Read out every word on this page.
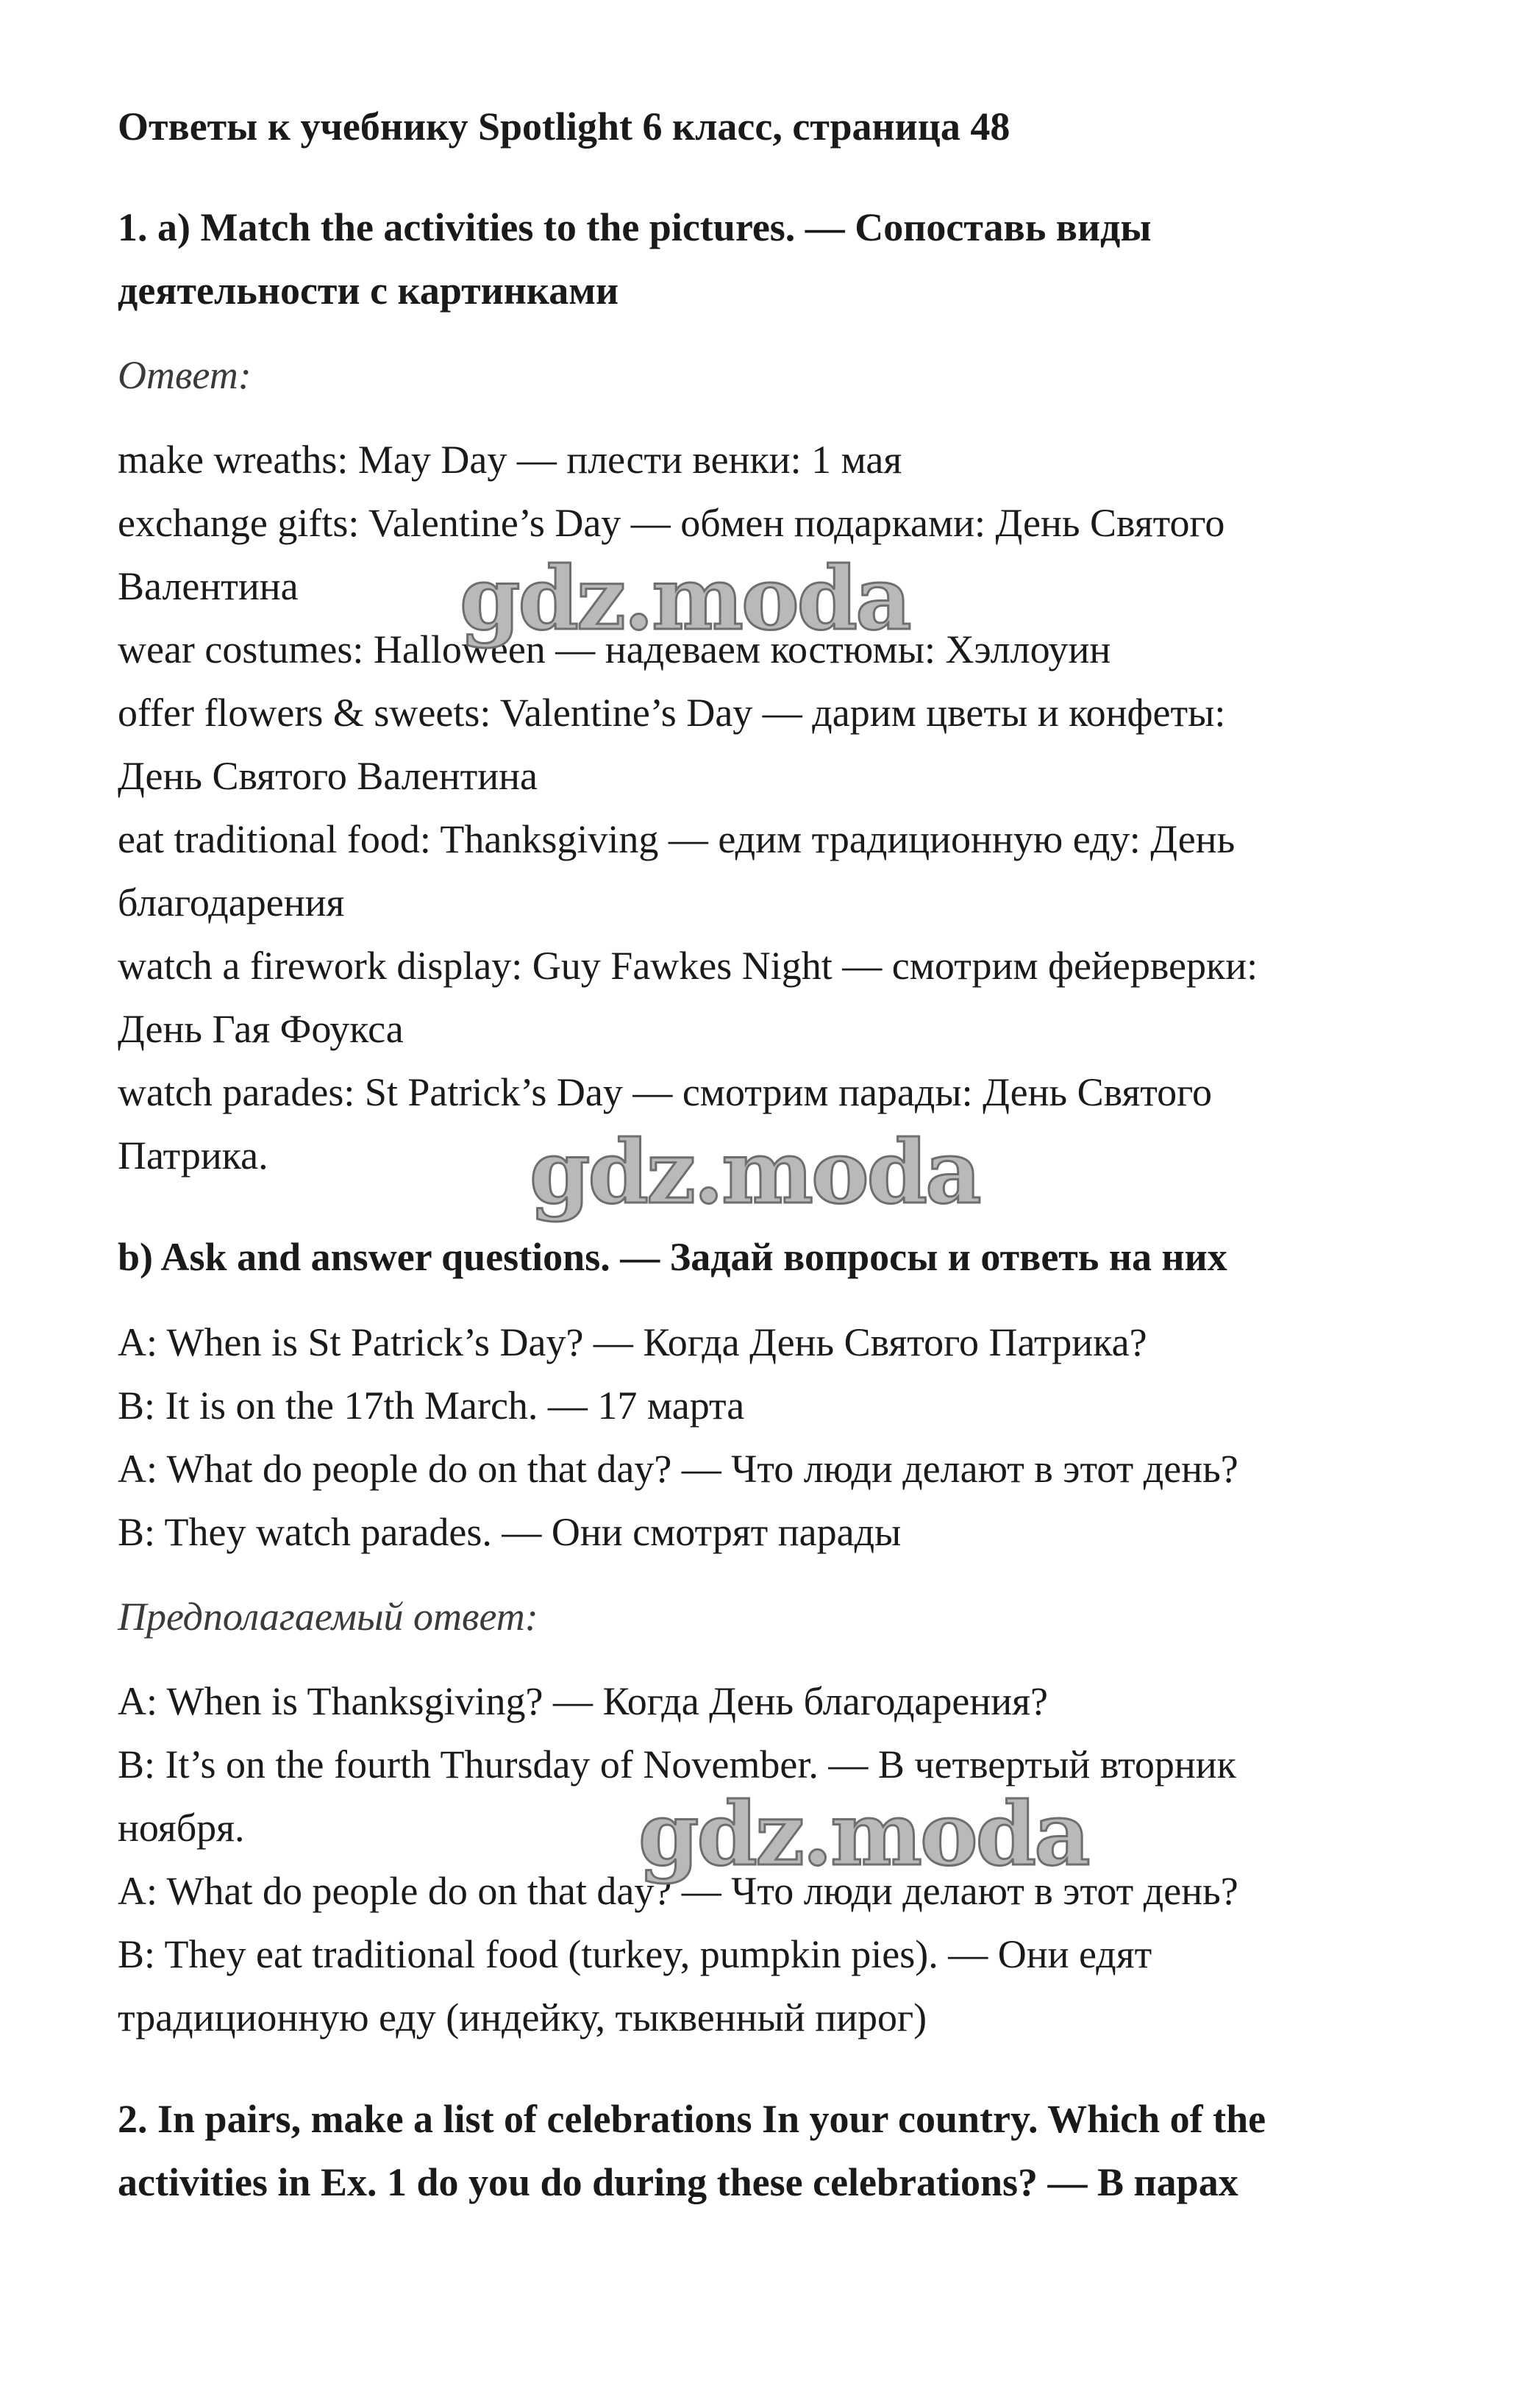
Ответы к учебнику Spotlight 6 класс, страница 48
1. a) Match the activities to the pictures. — Сопоставь виды
деятельности с картинками
Ответ:
make wreaths: May Day — плести венки: 1 мая
exchange gifts: Valentine’s Day — обмен подарками: День Святого
Валентина
wear costumes: Halloween — надеваем костюмы: Хэллоуин
offer flowers & sweets: Valentine’s Day — дарим цветы и конфеты:
День Святого Валентина
eat traditional food: Thanksgiving — едим традиционную еду: День
благодарения
watch a firework display: Guy Fawkes Night — смотрим фейерверки:
День Гая Фоукса
watch parades: St Patrick’s Day — смотрим парады: День Святого
Патрика.
b) Ask and answer questions. — Задай вопросы и ответь на них
A: When is St Patrick’s Day? — Когда День Святого Патрика?
B: It is on the 17th March. — 17 марта
A: What do people do on that day? — Что люди делают в этот день?
B: They watch parades. — Они смотрят парады
Предполагаемый ответ:
A: When is Thanksgiving? — Когда День благодарения?
B: It’s on the fourth Thursday of November. — В четвертый вторник
ноября.
A: What do people do on that day? — Что люди делают в этот день?
B: They eat traditional food (turkey, pumpkin pies). — Они едят
традиционную еду (индейку, тыквенный пирог)
2. In pairs, make a list of celebrations In your country. Which of the
activities in Ex. 1 do you do during these celebrations? — В парах
gdz.moda
gdz.moda
gdz.moda
